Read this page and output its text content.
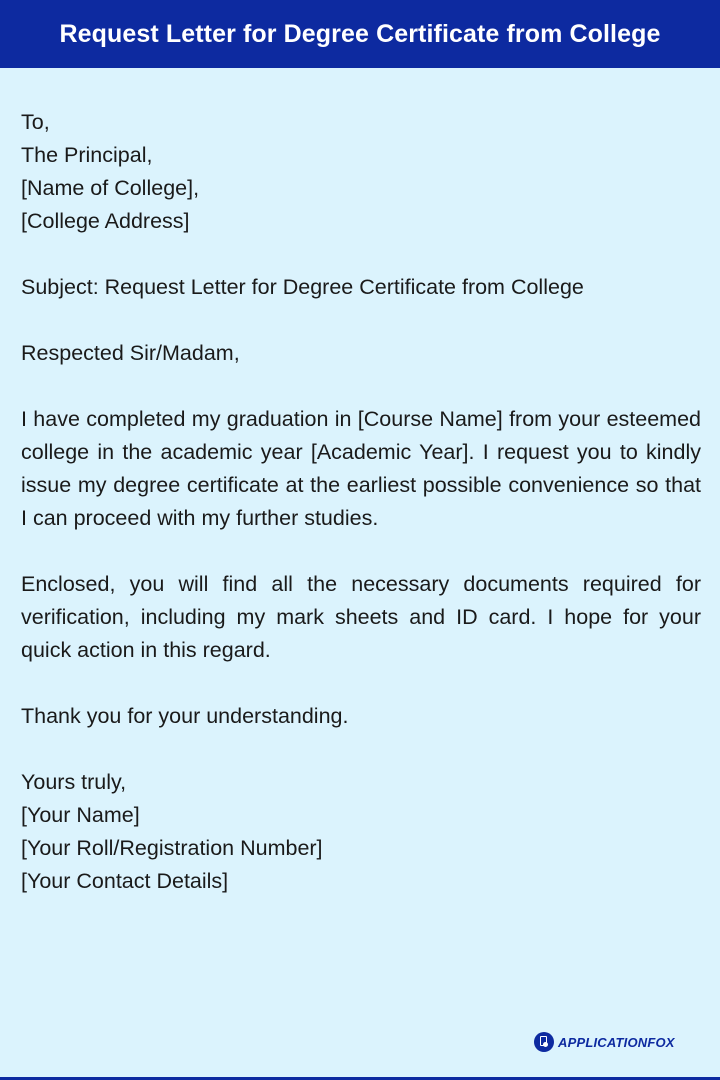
Request Letter for Degree Certificate from College

To,

The Principal,

[Name of College],

[College Address]

Subject: Request Letter for Degree Certificate from College

Respected Sir/Madam,

I have completed my graduation in [Course Name] from your esteemed college in the academic year [Academic Year]. I request you to kindly issue my degree certificate at the earliest possible convenience so that I can proceed with my further studies.

Enclosed, you will find all the necessary documents required for verification, including my mark sheets and ID card. I hope for your quick action in this regard.

Thank you for your understanding.

Yours truly,

[Your Name]

[Your Roll/Registration Number]

[Your Contact Details]

APPLICATIONFOX
